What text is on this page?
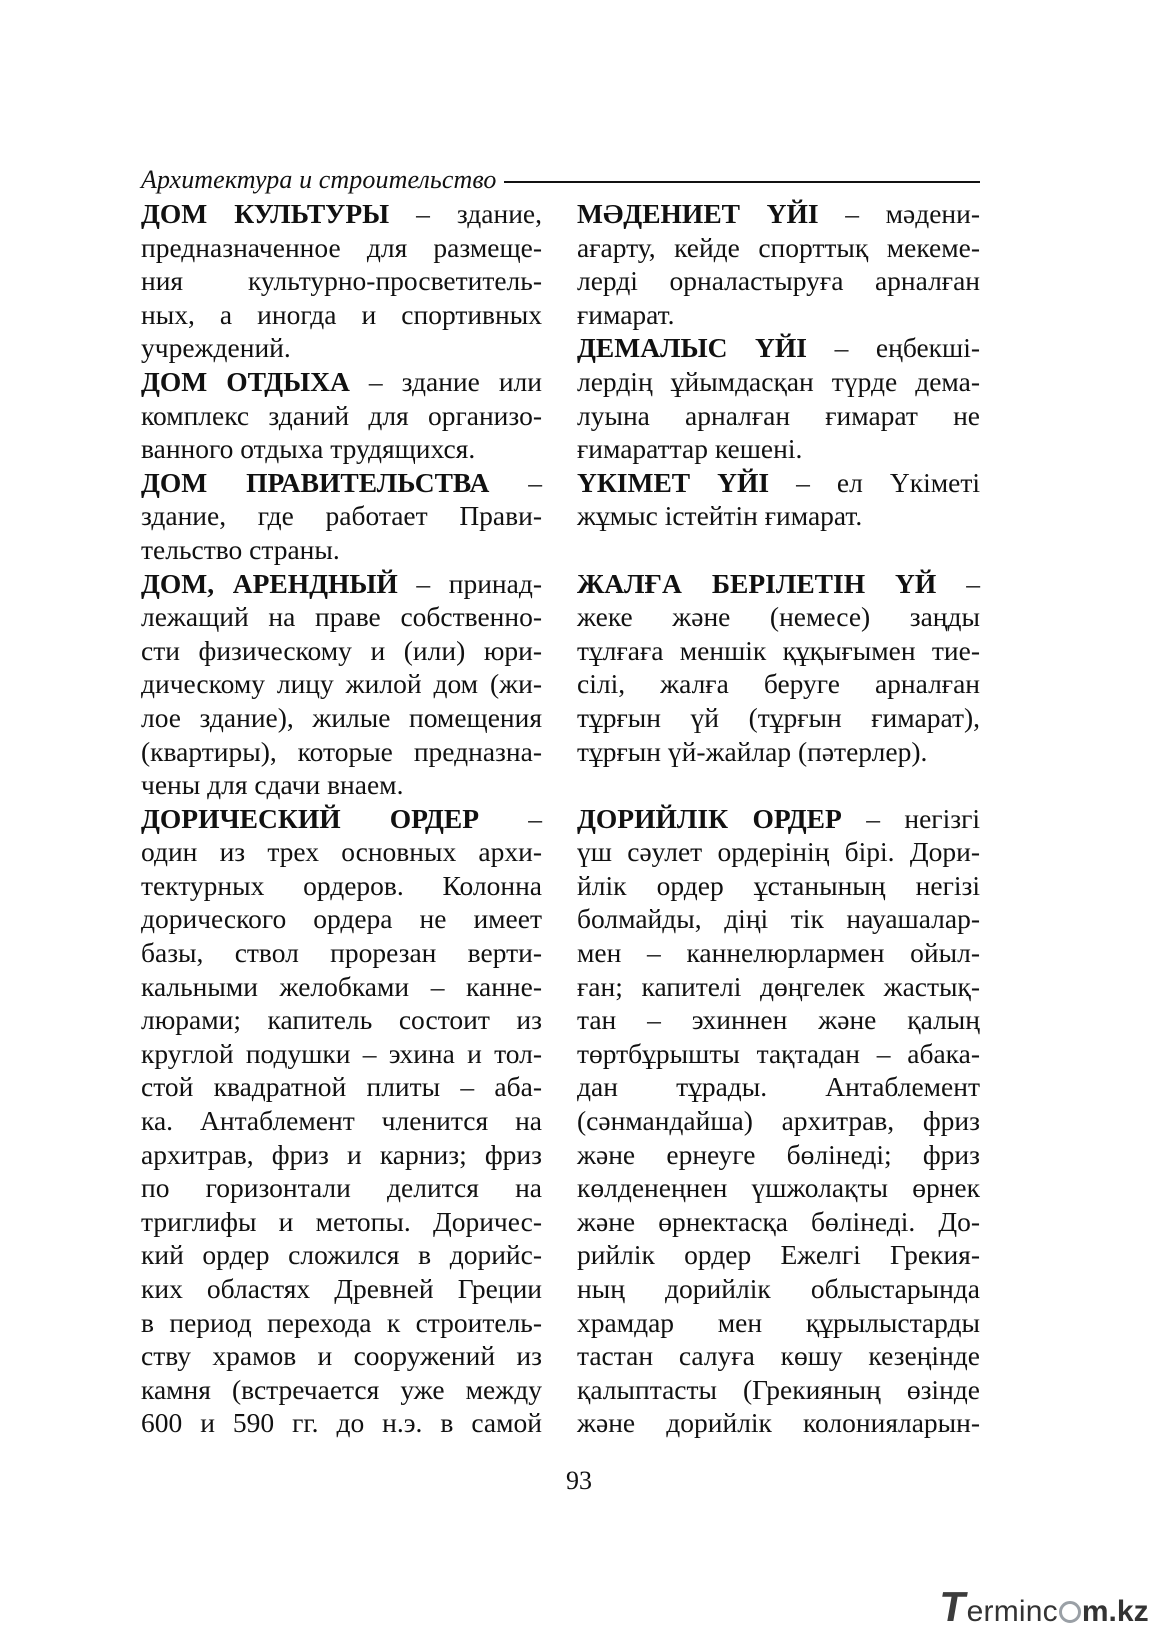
Архитектура и строительство

ДОМ КУЛЬТУРЫ – здание,
предназначенное для размеще-
ния культурно-просветитель-
ных, а иногда и спортивных
учреждений.

ДОМ ОТДЫХА – здание или
комплекс зданий для организо-
ванного отдыха трудящихся.

ДОМ ПРАВИТЕЛЬСТВА –
здание, где работает Прави-
тельство страны.

ДОМ, АРЕНДНЫЙ – принад-
лежащий на праве собственно-
сти физическому и (или) юри-
дическому лицу жилой дом (жи-
лое здание), жилые помещения
(квартиры), которые предназна-
чены для сдачи внаем.

ДОРИЧЕСКИЙ ОРДЕР –
один из трех основных архи-
тектурных ордеров. Колонна
дорического ордера не имеет
базы, ствол прорезан верти-
кальными желобками – канне-
люрами; капитель состоит из
круглой подушки – эхина и тол-
стой квадратной плиты – аба-
ка. Антаблемент членится на
архитрав, фриз и карниз; фриз
по горизонтали делится на
триглифы и метопы. Доричес-
кий ордер сложился в дорийс-
ких областях Древней Греции
в период перехода к строитель-
ству храмов и сооружений из
камня (встречается уже между
600 и 590 гг. до н.э. в самой

МӘДЕНИЕТ ҮЙІ – мәдени-
ағарту, кейде спорттық мекеме-
лерді орналастыруға арналған
ғимарат.

ДЕМАЛЫС ҮЙІ – еңбекші-
лердің ұйымдасқан түрде дема-
луына арналған ғимарат не
ғимараттар кешені.

ҮКІМЕТ ҮЙІ – ел Үкіметі
жұмыс істейтін ғимарат.

ЖАЛҒА БЕРІЛЕТІН ҮЙ –
жеке және (немесе) заңды
тұлғаға меншік құқығымен тие-
сілі, жалға беруге арналған
тұрғын үй (тұрғын ғимарат),
тұрғын үй-жайлар (пәтерлер).

ДОРИЙЛІК ОРДЕР – негізгі
үш сәулет ордерінің бірі. Дори-
йлік ордер ұстанының негізі
болмайды, діңі тік науашалар-
мен – каннелюрлармен ойыл-
ған; капителі дөңгелек жастық-
тан – эхиннен және қалың
төртбұрышты тақтадан – абака-
дан тұрады. Антаблемент
(сәнмандайша) архитрав, фриз
және ернеуге бөлінеді; фриз
көлденеңнен үшжолақты өрнек
және өрнектасқа бөлінеді. До-
рийлік ордер Ежелгі Грекия-
ның дорийлік облыстарында
храмдар мен құрылыстарды
тастан салуға көшу кезеңінде
қалыптасты (Грекияның өзінде
және дорийлік колонияларын-

93
T
ermin c m.kz
